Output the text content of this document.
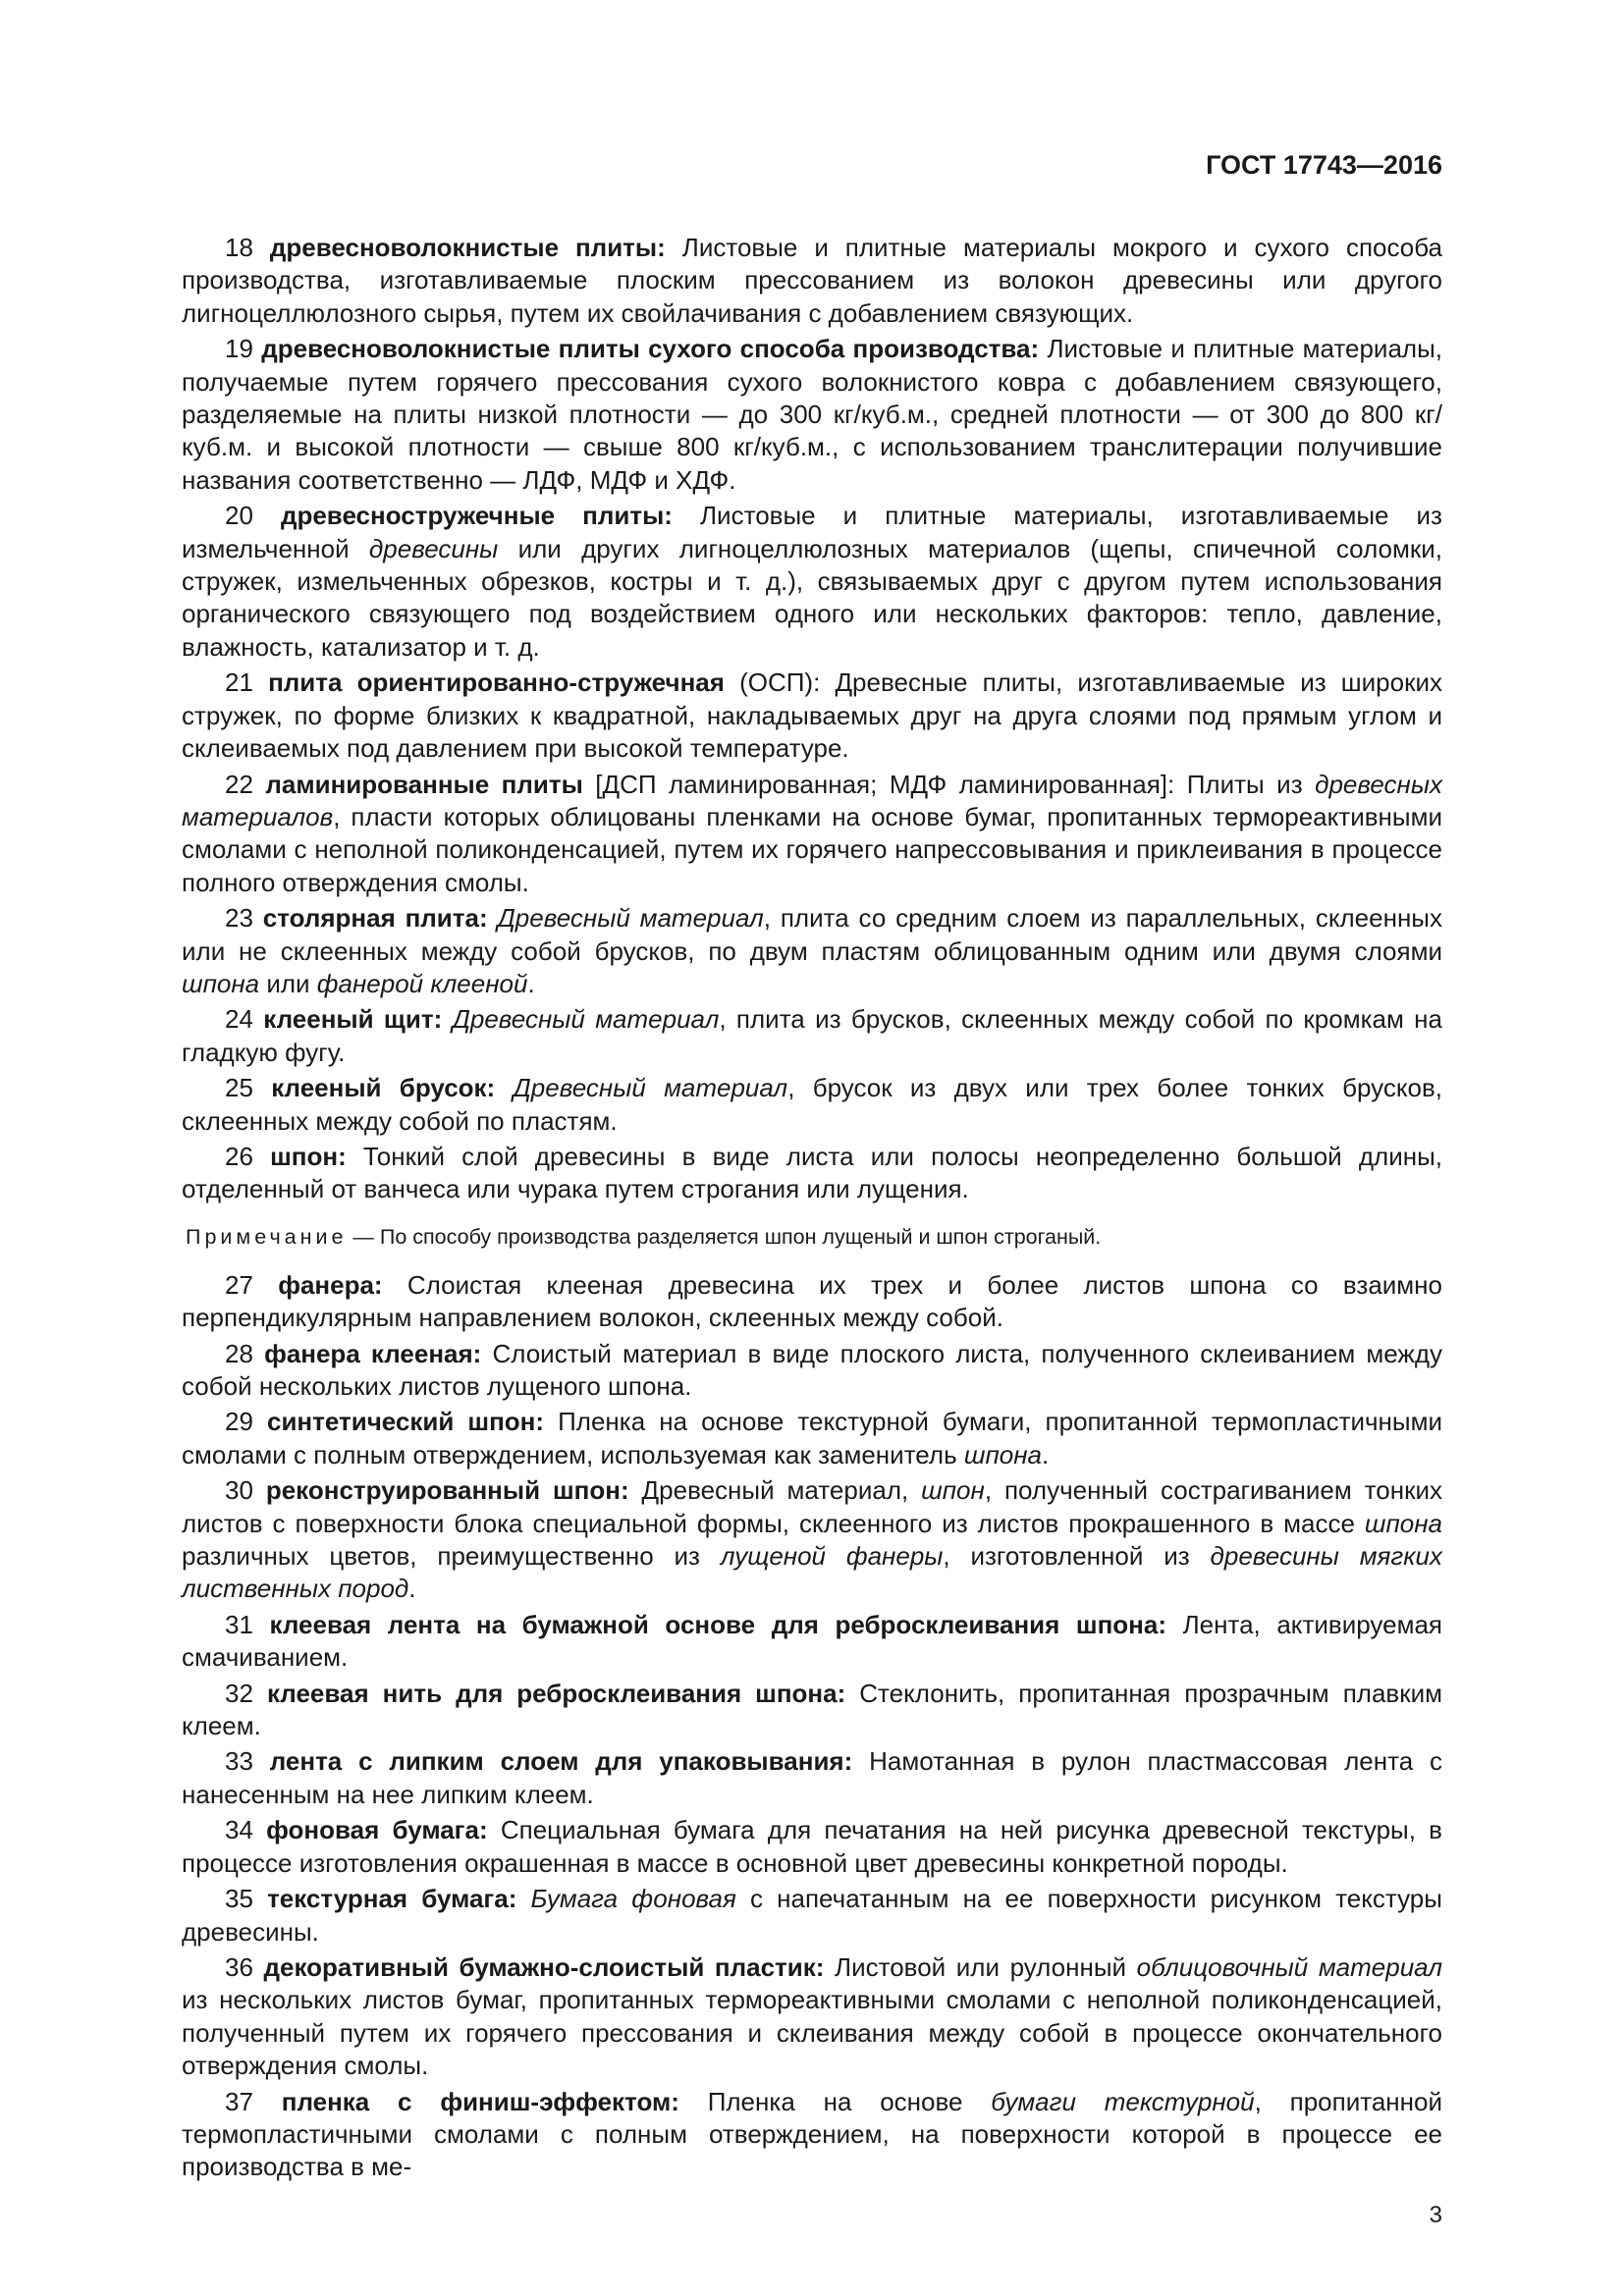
ГОСТ 17743—2016

18 древесноволокнистые плиты: Листовые и плитные материалы мокрого и сухого способа производства, изготавливаемые плоским прессованием из волокон древесины или другого лигноцеллюлозного сырья, путем их свойлачивания с добавлением связующих.

19 древесноволокнистые плиты сухого способа производства: Листовые и плитные материалы, получаемые путем горячего прессования сухого волокнистого ковра с добавлением связующего, разделяемые на плиты низкой плотности — до 300 кг/куб.м., средней плотности — от 300 до 800 кг/куб.м. и высокой плотности — свыше 800 кг/куб.м., с использованием транслитерации получившие названия соответственно — ЛДФ, МДФ и ХДФ.

20 древесностружечные плиты: Листовые и плитные материалы, изготавливаемые из измельченной древесины или других лигноцеллюлозных материалов (щепы, спичечной соломки, стружек, измельченных обрезков, костры и т. д.), связываемых друг с другом путем использования органического связующего под воздействием одного или нескольких факторов: тепло, давление, влажность, катализатор и т. д.

21 плита ориентированно-стружечная (ОСП): Древесные плиты, изготавливаемые из широких стружек, по форме близких к квадратной, накладываемых друг на друга слоями под прямым углом и склеиваемых под давлением при высокой температуре.

22 ламинированные плиты [ДСП ламинированная; МДФ ламинированная]: Плиты из древесных материалов, пласти которых облицованы пленками на основе бумаг, пропитанных термореактивными смолами с неполной поликонденсацией, путем их горячего напрессовывания и приклеивания в процессе полного отверждения смолы.

23 столярная плита: Древесный материал, плита со средним слоем из параллельных, склеенных или не склеенных между собой брусков, по двум пластям облицованным одним или двумя слоями шпона или фанерой клееной.

24 клееный щит: Древесный материал, плита из брусков, склеенных между собой по кромкам на гладкую фугу.

25 клееный брусок: Древесный материал, брусок из двух или трех более тонких брусков, склеенных между собой по пластям.

26 шпон: Тонкий слой древесины в виде листа или полосы неопределенно большой длины, отделенный от ванчеса или чурака путем строгания или лущения.

Примечание — По способу производства разделяется шпон лущеный и шпон строганый.

27 фанера: Слоистая клееная древесина их трех и более листов шпона со взаимно перпендикулярным направлением волокон, склеенных между собой.

28 фанера клееная: Слоистый материал в виде плоского листа, полученного склеиванием между собой нескольких листов лущеного шпона.

29 синтетический шпон: Пленка на основе текстурной бумаги, пропитанной термопластичными смолами с полным отверждением, используемая как заменитель шпона.

30 реконструированный шпон: Древесный материал, шпон, полученный сострагиванием тонких листов с поверхности блока специальной формы, склеенного из листов прокрашенного в массе шпона различных цветов, преимущественно из лущеной фанеры, изготовленной из древесины мягких лиственных пород.

31 клеевая лента на бумажной основе для ребросклеивания шпона: Лента, активируемая смачиванием.

32 клеевая нить для ребросклеивания шпона: Стеклонить, пропитанная прозрачным плавким клеем.

33 лента с липким слоем для упаковывания: Намотанная в рулон пластмассовая лента с нанесенным на нее липким клеем.

34 фоновая бумага: Специальная бумага для печатания на ней рисунка древесной текстуры, в процессе изготовления окрашенная в массе в основной цвет древесины конкретной породы.

35 текстурная бумага: Бумага фоновая с напечатанным на ее поверхности рисунком текстуры древесины.

36 декоративный бумажно-слоистый пластик: Листовой или рулонный облицовочный материал из нескольких листов бумаг, пропитанных термореактивными смолами с неполной поликонденсацией, полученный путем их горячего прессования и склеивания между собой в процессе окончательного отверждения смолы.

37 пленка с финиш-эффектом: Пленка на основе бумаги текстурной, пропитанной термопластичными смолами с полным отверждением, на поверхности которой в процессе ее производства в ме-

3
